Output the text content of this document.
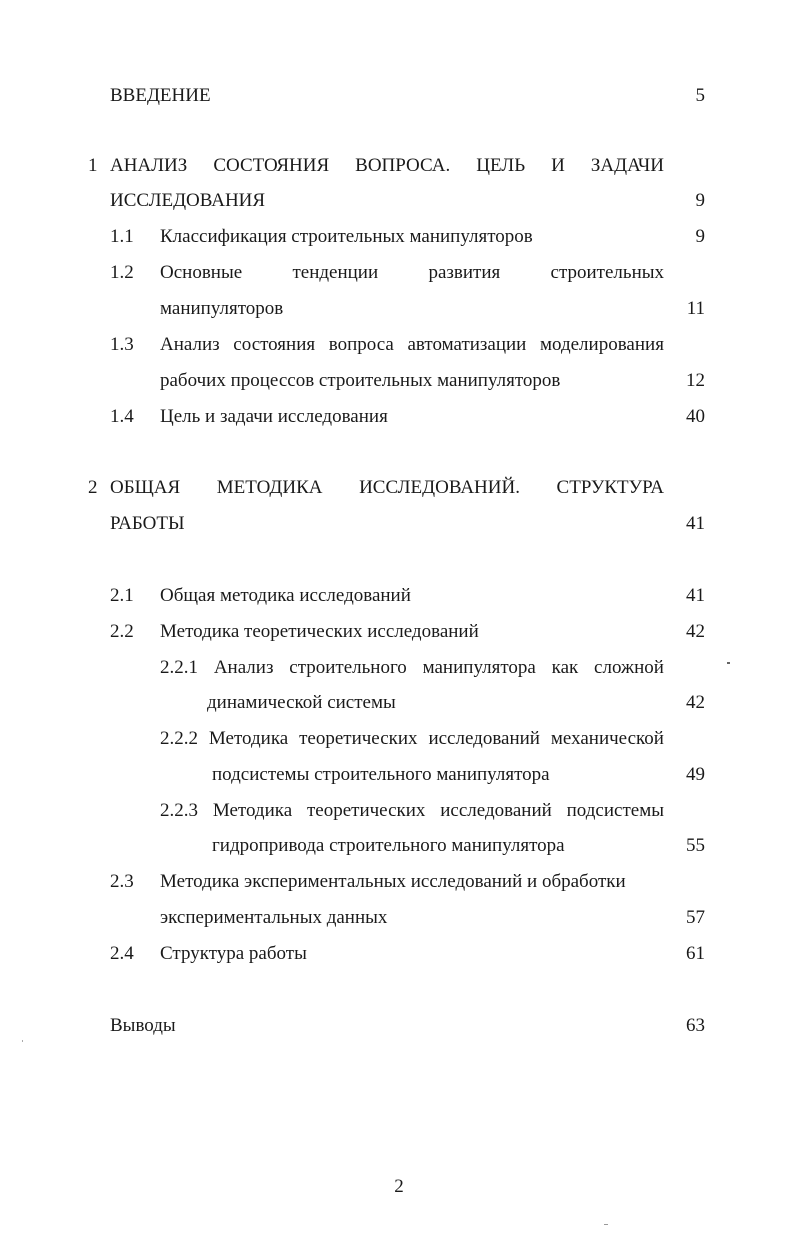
ВВЕДЕНИЕ	5
1 АНАЛИЗ СОСТОЯНИЯ ВОПРОСА. ЦЕЛЬ И ЗАДАЧИ
ИССЛЕДОВАНИЯ	9
1.1 Классификация строительных манипуляторов	9
1.2 Основные	тенденции	развития	строительных
манипуляторов	11
1.3 Анализ состояния вопроса автоматизации моделирования
рабочих процессов строительных манипуляторов	12
1.4 Цель и задачи исследования	40
2 ОБЩАЯ МЕТОДИКА ИССЛЕДОВАНИЙ. СТРУКТУРА
РАБОТЫ	41
2.1 Общая методика исследований	41
2.2 Методика теоретических исследований	42
2.2.1 Анализ строительного манипулятора как сложной
динамической системы	42
2.2.2 Методика теоретических исследований механической
подсистемы строительного манипулятора	49
2.2.3 Методика теоретических исследований подсистемы
гидропривода строительного манипулятора	55
2.3 Методика экспериментальных исследований и обработки
экспериментальных данных	57
2.4 Структура работы	61
Выводы	63
2
